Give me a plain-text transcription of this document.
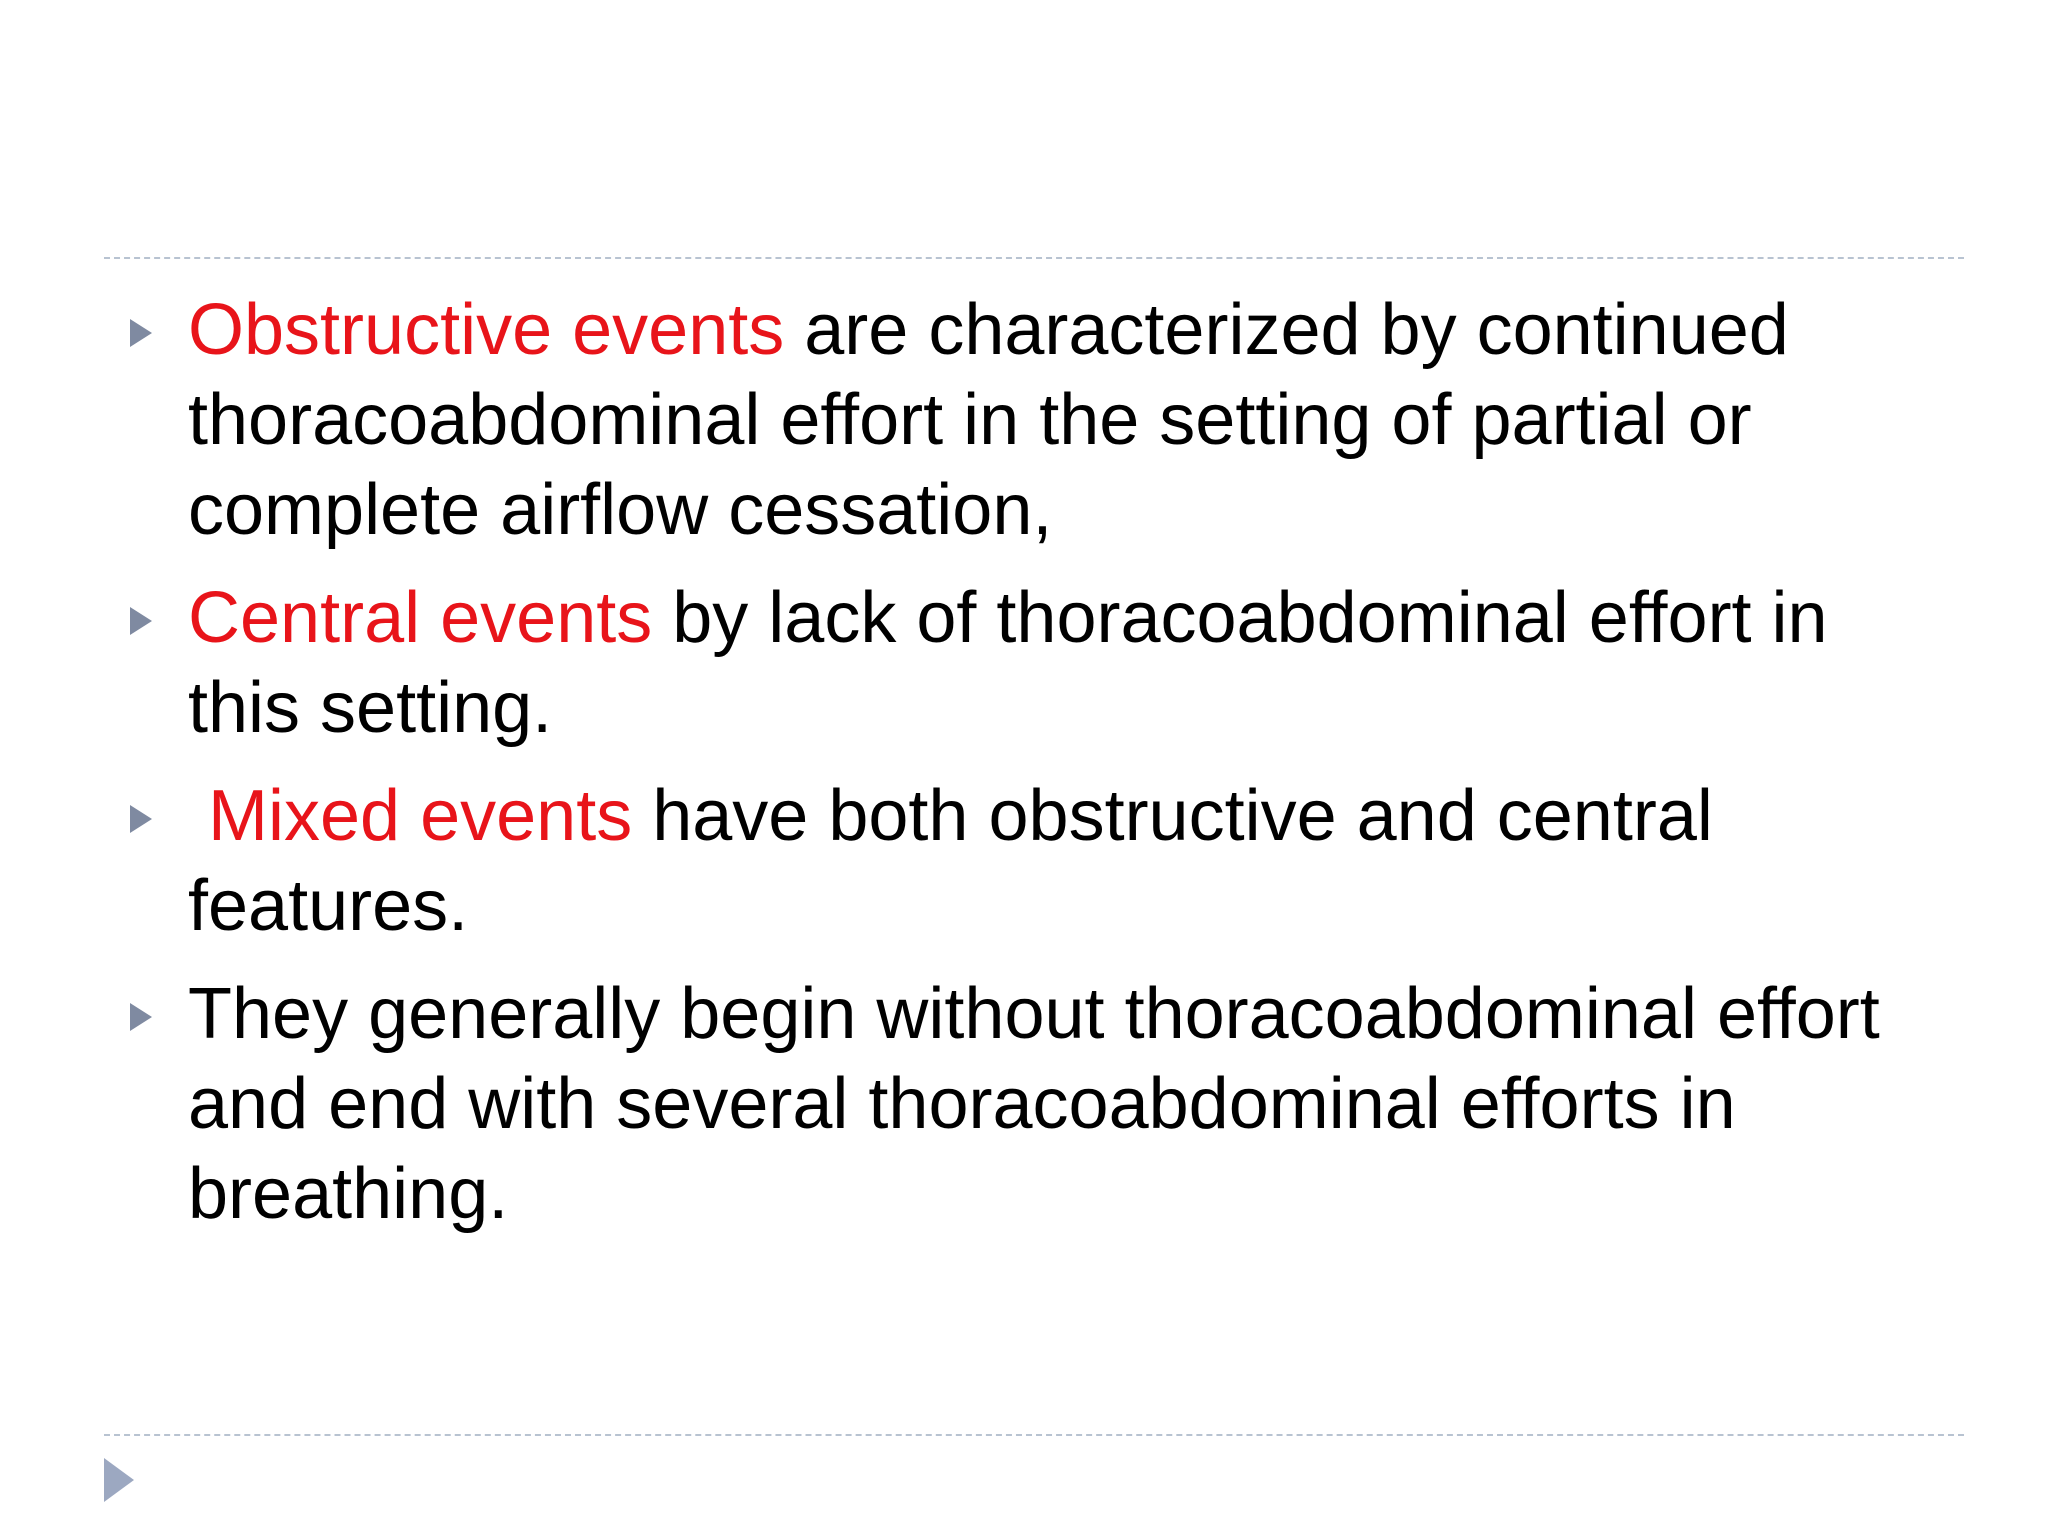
Obstructive events are characterized by continued thoracoabdominal effort in the setting of partial or complete airflow cessation,
Central events by lack of thoracoabdominal effort in this setting.
Mixed events have both obstructive and central features.
They generally begin without thoracoabdominal effort and end with several thoracoabdominal efforts in breathing.
